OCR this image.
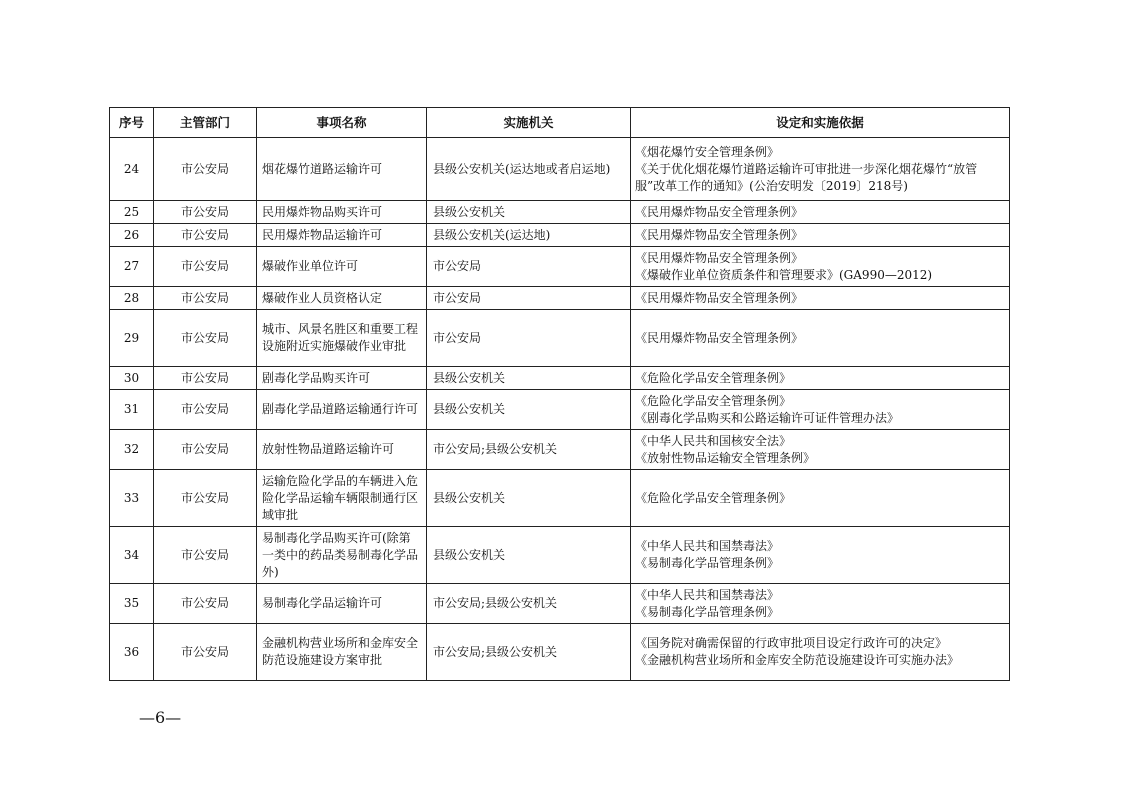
序号	主管部门	事项名称	实施机关	设定和实施依据
24	市公安局	烟花爆竹道路运输许可	县级公安机关(运达地或者启运地)	《烟花爆竹安全管理条例》
《关于优化烟花爆竹道路运输许可审批进一步深化烟花爆竹“放管服”改革工作的通知》(公治安明发〔2019〕218号)

25	市公安局	民用爆炸物品购买许可	县级公安机关	《民用爆炸物品安全管理条例》

26	市公安局	民用爆炸物品运输许可	县级公安机关(运达地)	《民用爆炸物品安全管理条例》

27	市公安局	爆破作业单位许可	市公安局	《民用爆炸物品安全管理条例》
《爆破作业单位资质条件和管理要求》(GA990—2012)

28	市公安局	爆破作业人员资格认定	市公安局	《民用爆炸物品安全管理条例》

29	市公安局	城市、风景名胜区和重要工程设施附近实施爆破作业审批	市公安局	《民用爆炸物品安全管理条例》

30	市公安局	剧毒化学品购买许可	县级公安机关	《危险化学品安全管理条例》

31	市公安局	剧毒化学品道路运输通行许可	县级公安机关	《危险化学品安全管理条例》
《剧毒化学品购买和公路运输许可证件管理办法》

32	市公安局	放射性物品道路运输许可	市公安局;县级公安机关	《中华人民共和国核安全法》
《放射性物品运输安全管理条例》

33	市公安局	运输危险化学品的车辆进入危险化学品运输车辆限制通行区域审批	县级公安机关	《危险化学品安全管理条例》

34	市公安局	易制毒化学品购买许可(除第一类中的药品类易制毒化学品外)	县级公安机关	《中华人民共和国禁毒法》
《易制毒化学品管理条例》

35	市公安局	易制毒化学品运输许可	市公安局;县级公安机关	《中华人民共和国禁毒法》
《易制毒化学品管理条例》

36	市公安局	金融机构营业场所和金库安全防范设施建设方案审批	市公安局;县级公安机关	《国务院对确需保留的行政审批项目设定行政许可的决定》
《金融机构营业场所和金库安全防范设施建设许可实施办法》
—6—
